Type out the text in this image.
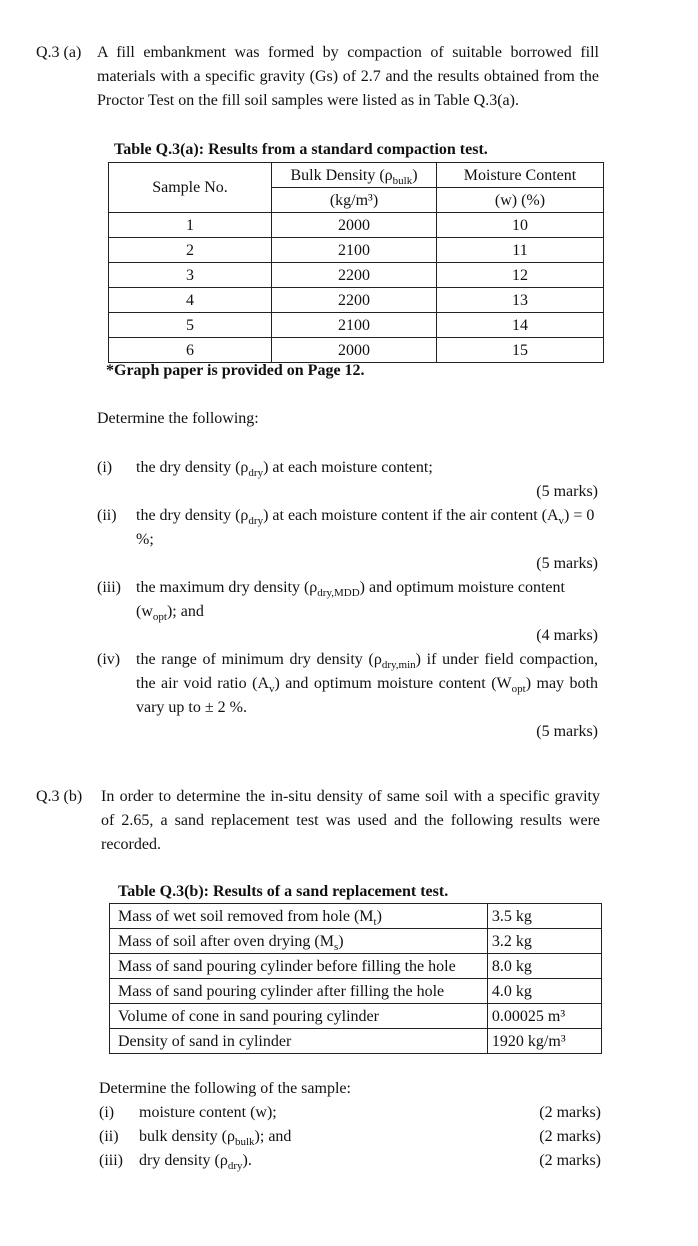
Q.3 (a) A fill embankment was formed by compaction of suitable borrowed fill materials with a specific gravity (Gs) of 2.7 and the results obtained from the Proctor Test on the fill soil samples were listed as in Table Q.3(a).
Table Q.3(a): Results from a standard compaction test.
Sample No.	Bulk Density $(\rho_{bulk})$	Moisture Content
	(kg/m³)	(w) (%)
1	2000	10
2	2100	11
3	2200	12
4	2200	13
5	2100	14
6	2000	15
*Graph paper is provided on Page 12.
Determine the following:
(i) the dry density $(\rho_{dry})$ at each moisture content;
(5 marks)
(ii) the dry density $(\rho_{dry})$ at each moisture content if the air content $(A_v) = 0$ %;
(5 marks)
(iii) the maximum dry density $(\rho_{dry,MDD})$ and optimum moisture content $(w_{opt})$; and
(4 marks)
(iv) the range of minimum dry density $(\rho_{dry,min})$ if under field compaction, the air void ratio $(A_v)$ and optimum moisture content $(W_{opt})$ may both vary up to ± 2 %.
(5 marks)
Q.3 (b) In order to determine the in-situ density of same soil with a specific gravity of 2.65, a sand replacement test was used and the following results were recorded.
Table Q.3(b): Results of a sand replacement test.
Mass of wet soil removed from hole $(M_t)$	3.5 kg
Mass of soil after oven drying $(M_s)$	3.2 kg
Mass of sand pouring cylinder before filling the hole	8.0 kg
Mass of sand pouring cylinder after filling the hole	4.0 kg
Volume of cone in sand pouring cylinder	0.00025 m³
Density of sand in cylinder	1920 kg/m³
Determine the following of the sample:
(i) moisture content (w);	(2 marks)
(ii) bulk density $(\rho_{bulk})$; and	(2 marks)
(iii) dry density $(\rho_{dry})$.	(2 marks)
